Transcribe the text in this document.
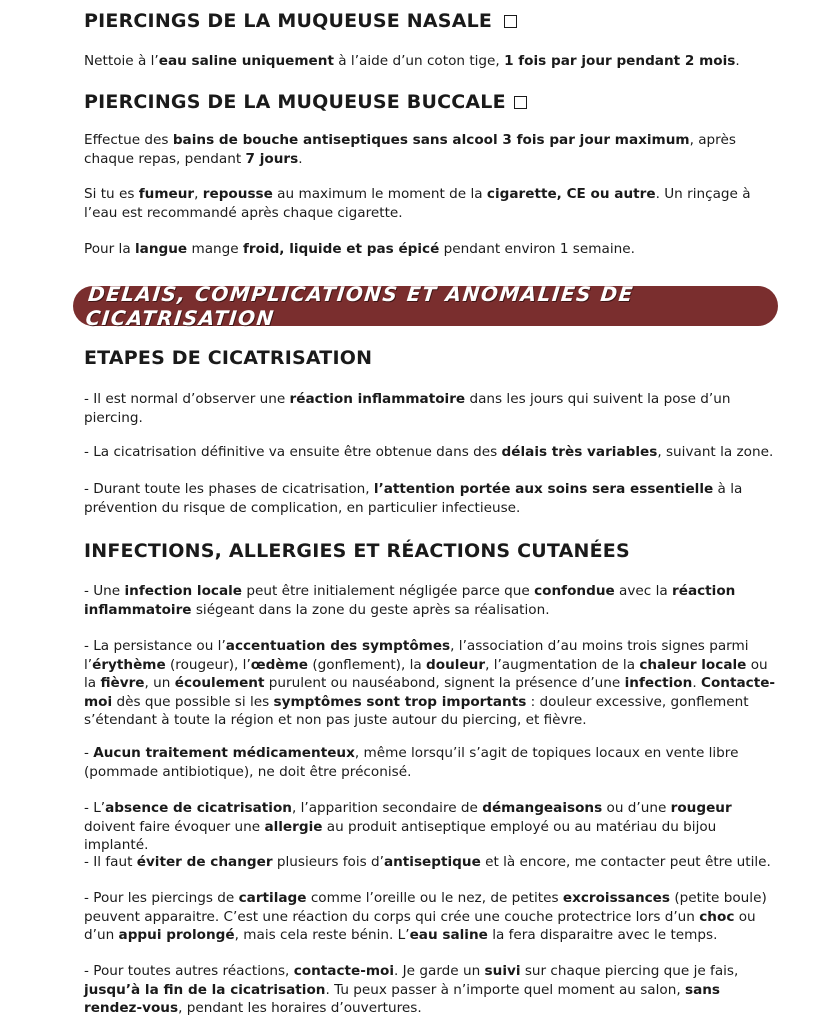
PIERCINGS DE LA MUQUEUSE NASALE

Nettoie à l’eau saline uniquement à l’aide d’un coton tige, 1 fois par jour pendant 2 mois.

PIERCINGS DE LA MUQUEUSE BUCCALE

Effectue des bains de bouche antiseptiques sans alcool 3 fois par jour maximum, après chaque repas, pendant 7 jours.

Si tu es fumeur, repousse au maximum le moment de la cigarette, CE ou autre. Un rinçage à l’eau est recommandé après chaque cigarette.

Pour la langue mange froid, liquide et pas épicé pendant environ 1 semaine.

DELAIS, COMPLICATIONS ET ANOMALIES DE CICATRISATION
ETAPES DE CICATRISATION

- Il est normal d’observer une réaction inflammatoire dans les jours qui suivent la pose d’un piercing.

- La cicatrisation définitive va ensuite être obtenue dans des délais très variables, suivant la zone.

- Durant toute les phases de cicatrisation, l’attention portée aux soins sera essentielle à la prévention du risque de complication, en particulier infectieuse.

INFECTIONS, ALLERGIES ET RÉACTIONS CUTANÉES

- Une infection locale peut être initialement négligée parce que confondue avec la réaction inflammatoire siégeant dans la zone du geste après sa réalisation.

- La persistance ou l’accentuation des symptômes, l’association d’au moins trois signes parmi l’érythème (rougeur), l’œdème (gonflement), la douleur, l’augmentation de la chaleur locale ou la fièvre, un écoulement purulent ou nauséabond, signent la présence d’une infection. Contacte-moi dès que possible si les symptômes sont trop importants : douleur excessive, gonflement s’étendant à toute la région et non pas juste autour du piercing, et fièvre.

- Aucun traitement médicamenteux, même lorsqu’il s’agit de topiques locaux en vente libre (pommade antibiotique), ne doit être préconisé.

- L’absence de cicatrisation, l’apparition secondaire de démangeaisons ou d’une rougeur doivent faire évoquer une allergie au produit antiseptique employé ou au matériau du bijou implanté.

- Il faut éviter de changer plusieurs fois d’antiseptique et là encore, me contacter peut être utile.

- Pour les piercings de cartilage comme l’oreille ou le nez, de petites excroissances (petite boule) peuvent apparaitre. C’est une réaction du corps qui crée une couche protectrice lors d’un choc ou d’un appui prolongé, mais cela reste bénin. L’eau saline la fera disparaitre avec le temps.

- Pour toutes autres réactions, contacte-moi. Je garde un suivi sur chaque piercing que je fais, jusqu’à la fin de la cicatrisation. Tu peux passer à n’importe quel moment au salon, sans rendez-vous, pendant les horaires d’ouvertures.
